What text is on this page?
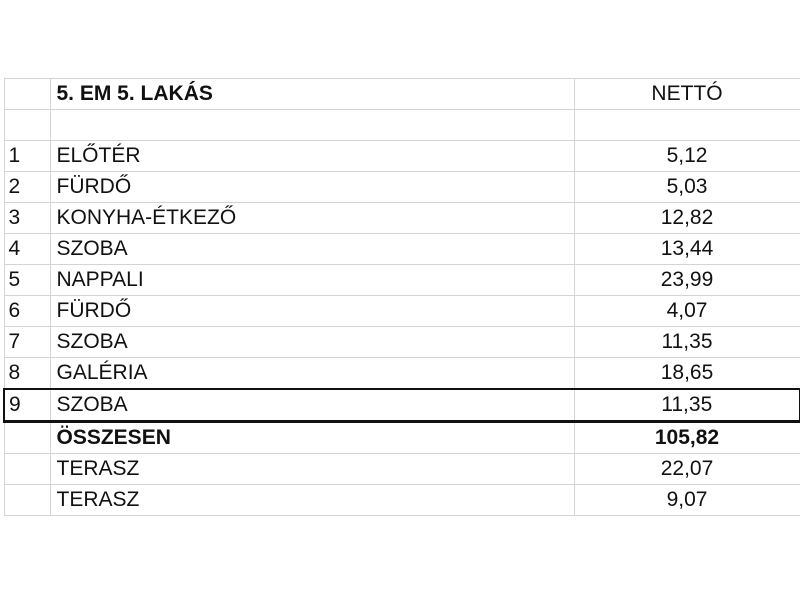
	5. EM 5. LAKÁS	NETTÓ

1	ELŐTÉR	5,12
2	FÜRDŐ	5,03
3	KONYHA-ÉTKEZŐ	12,82
4	SZOBA	13,44
5	NAPPALI	23,99
6	FÜRDŐ	4,07
7	SZOBA	11,35
8	GALÉRIA	18,65
9	SZOBA	11,35
	ÖSSZESEN	105,82
	TERASZ	22,07
	TERASZ	9,07
